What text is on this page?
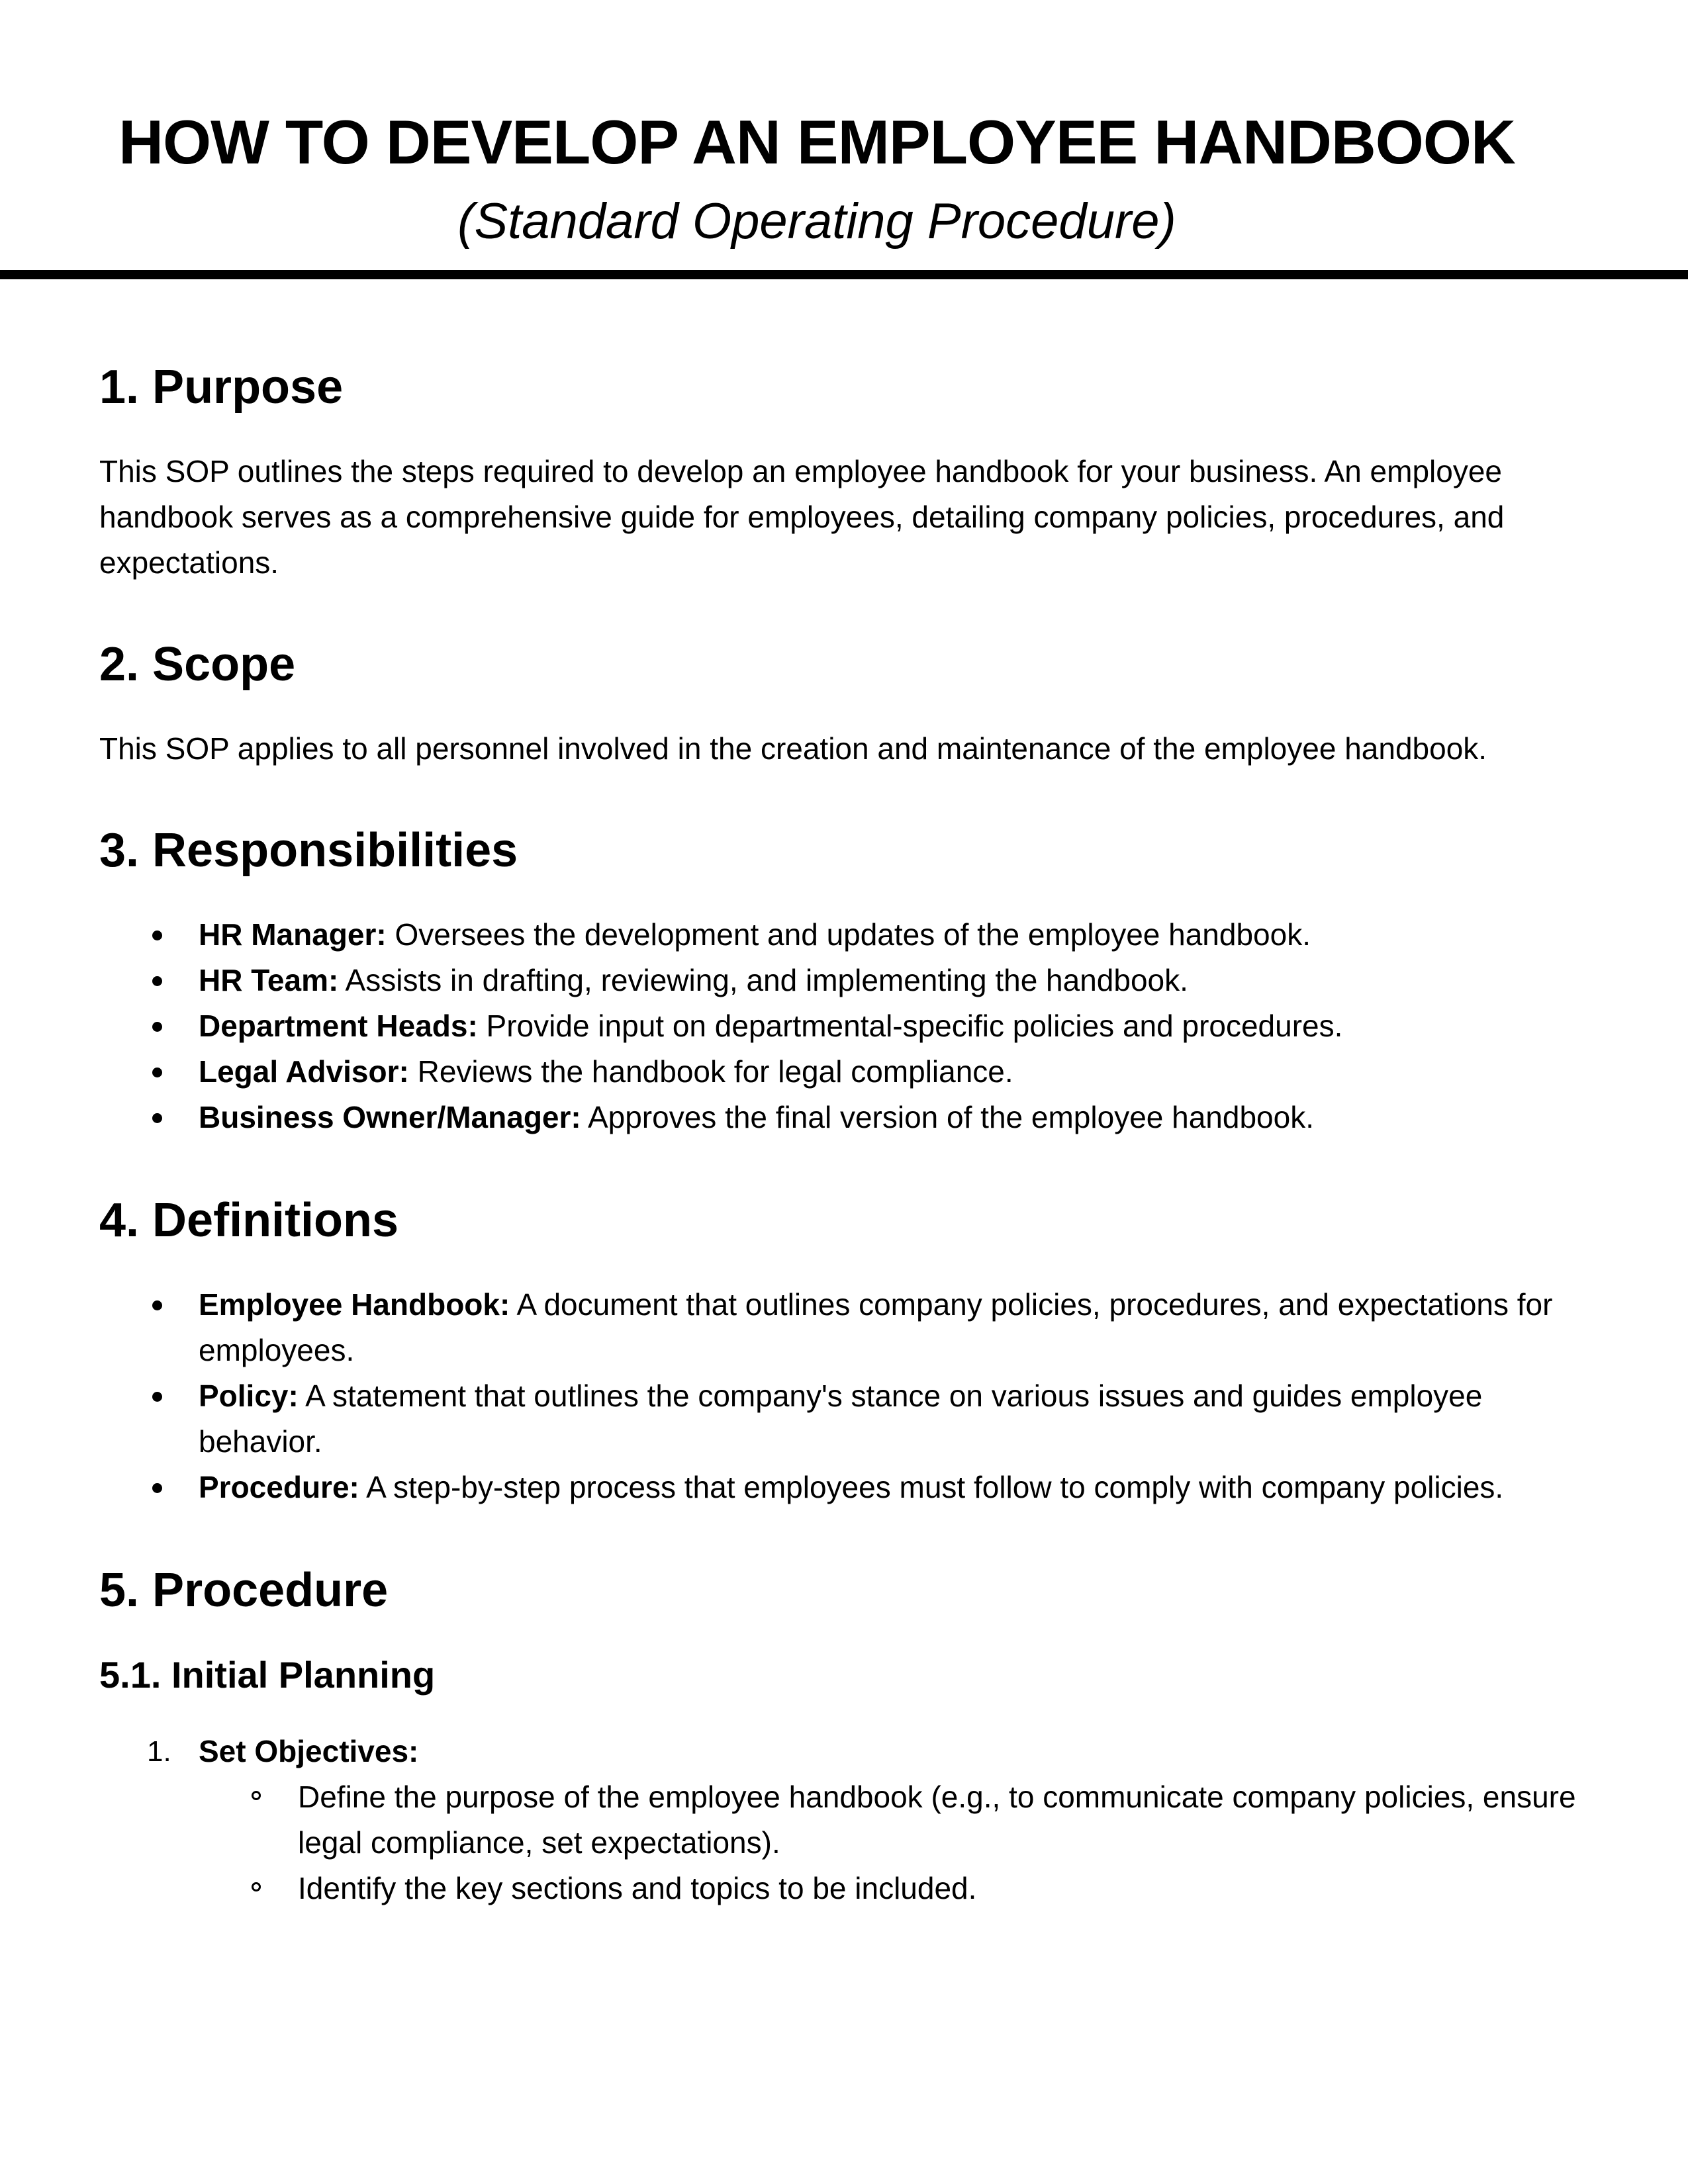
HOW TO DEVELOP AN EMPLOYEE HANDBOOK
(Standard Operating Procedure)
1. Purpose

This SOP outlines the steps required to develop an employee handbook for your business. An employee handbook serves as a comprehensive guide for employees, detailing company policies, procedures, and expectations.

2. Scope

This SOP applies to all personnel involved in the creation and maintenance of the employee handbook.

3. Responsibilities
HR Manager: Oversees the development and updates of the employee handbook.
HR Team: Assists in drafting, reviewing, and implementing the handbook.
Department Heads: Provide input on departmental-specific policies and procedures.
Legal Advisor: Reviews the handbook for legal compliance.
Business Owner/Manager: Approves the final version of the employee handbook.
4. Definitions
Employee Handbook: A document that outlines company policies, procedures, and expectations for employees.
Policy: A statement that outlines the company's stance on various issues and guides employee behavior.
Procedure: A step-by-step process that employees must follow to comply with company policies.
5. Procedure
5.1. Initial Planning
1. Set Objectives:
Define the purpose of the employee handbook (e.g., to communicate company policies, ensure legal compliance, set expectations).
Identify the key sections and topics to be included.
